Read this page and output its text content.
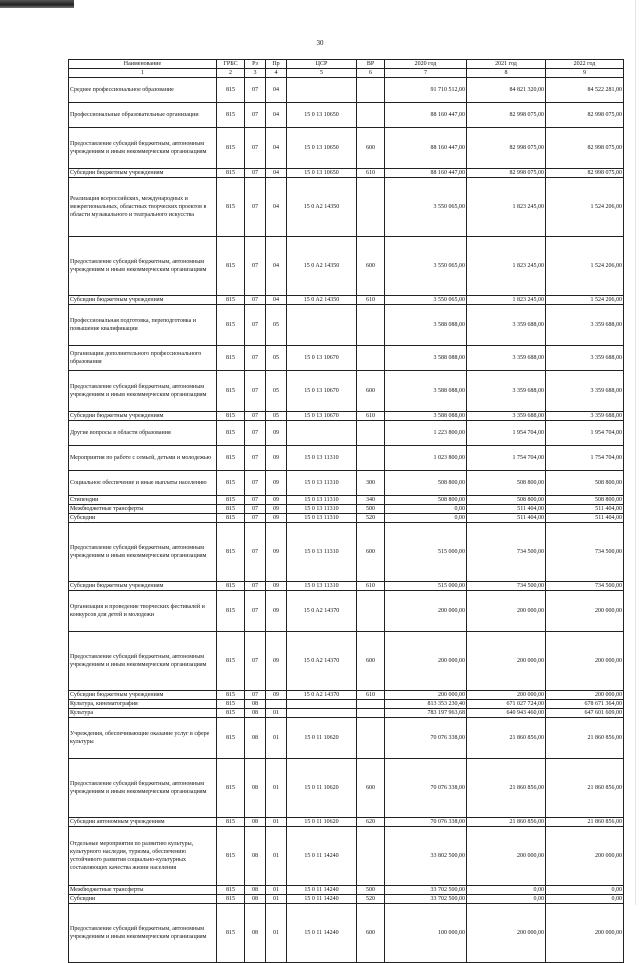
30
Наименование	ГРБС	Рз	Пр	ЦСР	ВР	2020 год	2021 год	2022 год
1	2	3	4	5	6	7	8	9
Среднее профессиональное образование	815	07	04			91 710 512,00	84 821 320,00	84 522 281,00
Профессиональные образовательные организации	815	07	04	15 0 13 10650		88 160 447,00	82 998 075,00	82 998 075,00
Предоставление субсидий бюджетным, автономным учреждениям и иным некоммерческим организациям	815	07	04	15 0 13 10650	600	88 160 447,00	82 998 075,00	82 998 075,00
Субсидии бюджетным учреждениям	815	07	04	15 0 13 10650	610	88 160 447,00	82 998 075,00	82 998 075,00
Реализация всероссийских, международных и межрегиональных, областных творческих проектов в области музыкального и театрального искусства	815	07	04	15 0 A2 14350		3 550 065,00	1 823 245,00	1 524 206,00
Предоставление субсидий бюджетным, автономным учреждениям и иным некоммерческим организациям	815	07	04	15 0 A2 14350	600	3 550 065,00	1 823 245,00	1 524 206,00
Субсидии бюджетным учреждениям	815	07	04	15 0 A2 14350	610	3 550 065,00	1 823 245,00	1 524 206,00
Профессиональная подготовка, переподготовка и повышение квалификации	815	07	05			3 588 088,00	3 359 688,00	3 359 688,00
Организации дополнительного профессионального образования	815	07	05	15 0 13 10670		3 588 088,00	3 359 688,00	3 359 688,00
Предоставление субсидий бюджетным, автономным учреждениям и иным некоммерческим организациям	815	07	05	15 0 13 10670	600	3 588 088,00	3 359 688,00	3 359 688,00
Субсидии бюджетным учреждениям	815	07	05	15 0 13 10670	610	3 588 088,00	3 359 688,00	3 359 688,00
Другие вопросы в области образования	815	07	09			1 223 800,00	1 954 704,00	1 954 704,00
Мероприятия по работе с семьей, детьми и молодежью	815	07	09	15 0 13 11310		1 023 800,00	1 754 704,00	1 754 704,00
Социальное обеспечение и иные выплаты населению	815	07	09	15 0 13 11310	300	508 800,00	508 800,00	508 800,00
Стипендии	815	07	09	15 0 13 11310	340	508 800,00	508 800,00	508 800,00
Межбюджетные трансферты	815	07	09	15 0 13 11310	500	0,00	511 404,00	511 404,00
Субсидии	815	07	09	15 0 13 11310	520	0,00	511 404,00	511 404,00
Предоставление субсидий бюджетным, автономным учреждениям и иным некоммерческим организациям	815	07	09	15 0 13 11310	600	515 000,00	734 500,00	734 500,00
Субсидии бюджетным учреждениям	815	07	09	15 0 13 11310	610	515 000,00	734 500,00	734 500,00
Организация и проведение творческих фестивалей и конкурсов для детей и молодежи	815	07	09	15 0 A2 14370		200 000,00	200 000,00	200 000,00
Предоставление субсидий бюджетным, автономным учреждениям и иным некоммерческим организациям	815	07	09	15 0 A2 14370	600	200 000,00	200 000,00	200 000,00
Субсидии бюджетным учреждениям	815	07	09	15 0 A2 14370	610	200 000,00	200 000,00	200 000,00
Культура, кинематография	815	08				813 353 230,40	671 027 724,00	678 671 364,00
Культура	815	08	01			783 197 963,68	640 943 460,00	647 601 609,00
Учреждения, обеспечивающие оказание услуг в сфере культуры	815	08	01	15 0 11 10620		70 076 338,00	21 860 856,00	21 860 856,00
Предоставление субсидий бюджетным, автономным учреждениям и иным некоммерческим организациям	815	08	01	15 0 11 10620	600	70 076 338,00	21 860 856,00	21 860 856,00
Субсидии автономным учреждениям	815	08	01	15 0 11 10620	620	70 076 338,00	21 860 856,00	21 860 856,00
Отдельные мероприятия по развитию культуры, культурного наследия, туризма, обеспечению устойчивого развития социально-культурных составляющих качества жизни населения	815	08	01	15 0 11 14240		33 802 500,00	200 000,00	200 000,00
Межбюджетные трансферты	815	08	01	15 0 11 14240	500	33 702 500,00	0,00	0,00
Субсидии	815	08	01	15 0 11 14240	520	33 702 500,00	0,00	0,00
Предоставление субсидий бюджетным, автономным учреждениям и иным некоммерческим организациям	815	08	01	15 0 11 14240	600	100 000,00	200 000,00	200 000,00
